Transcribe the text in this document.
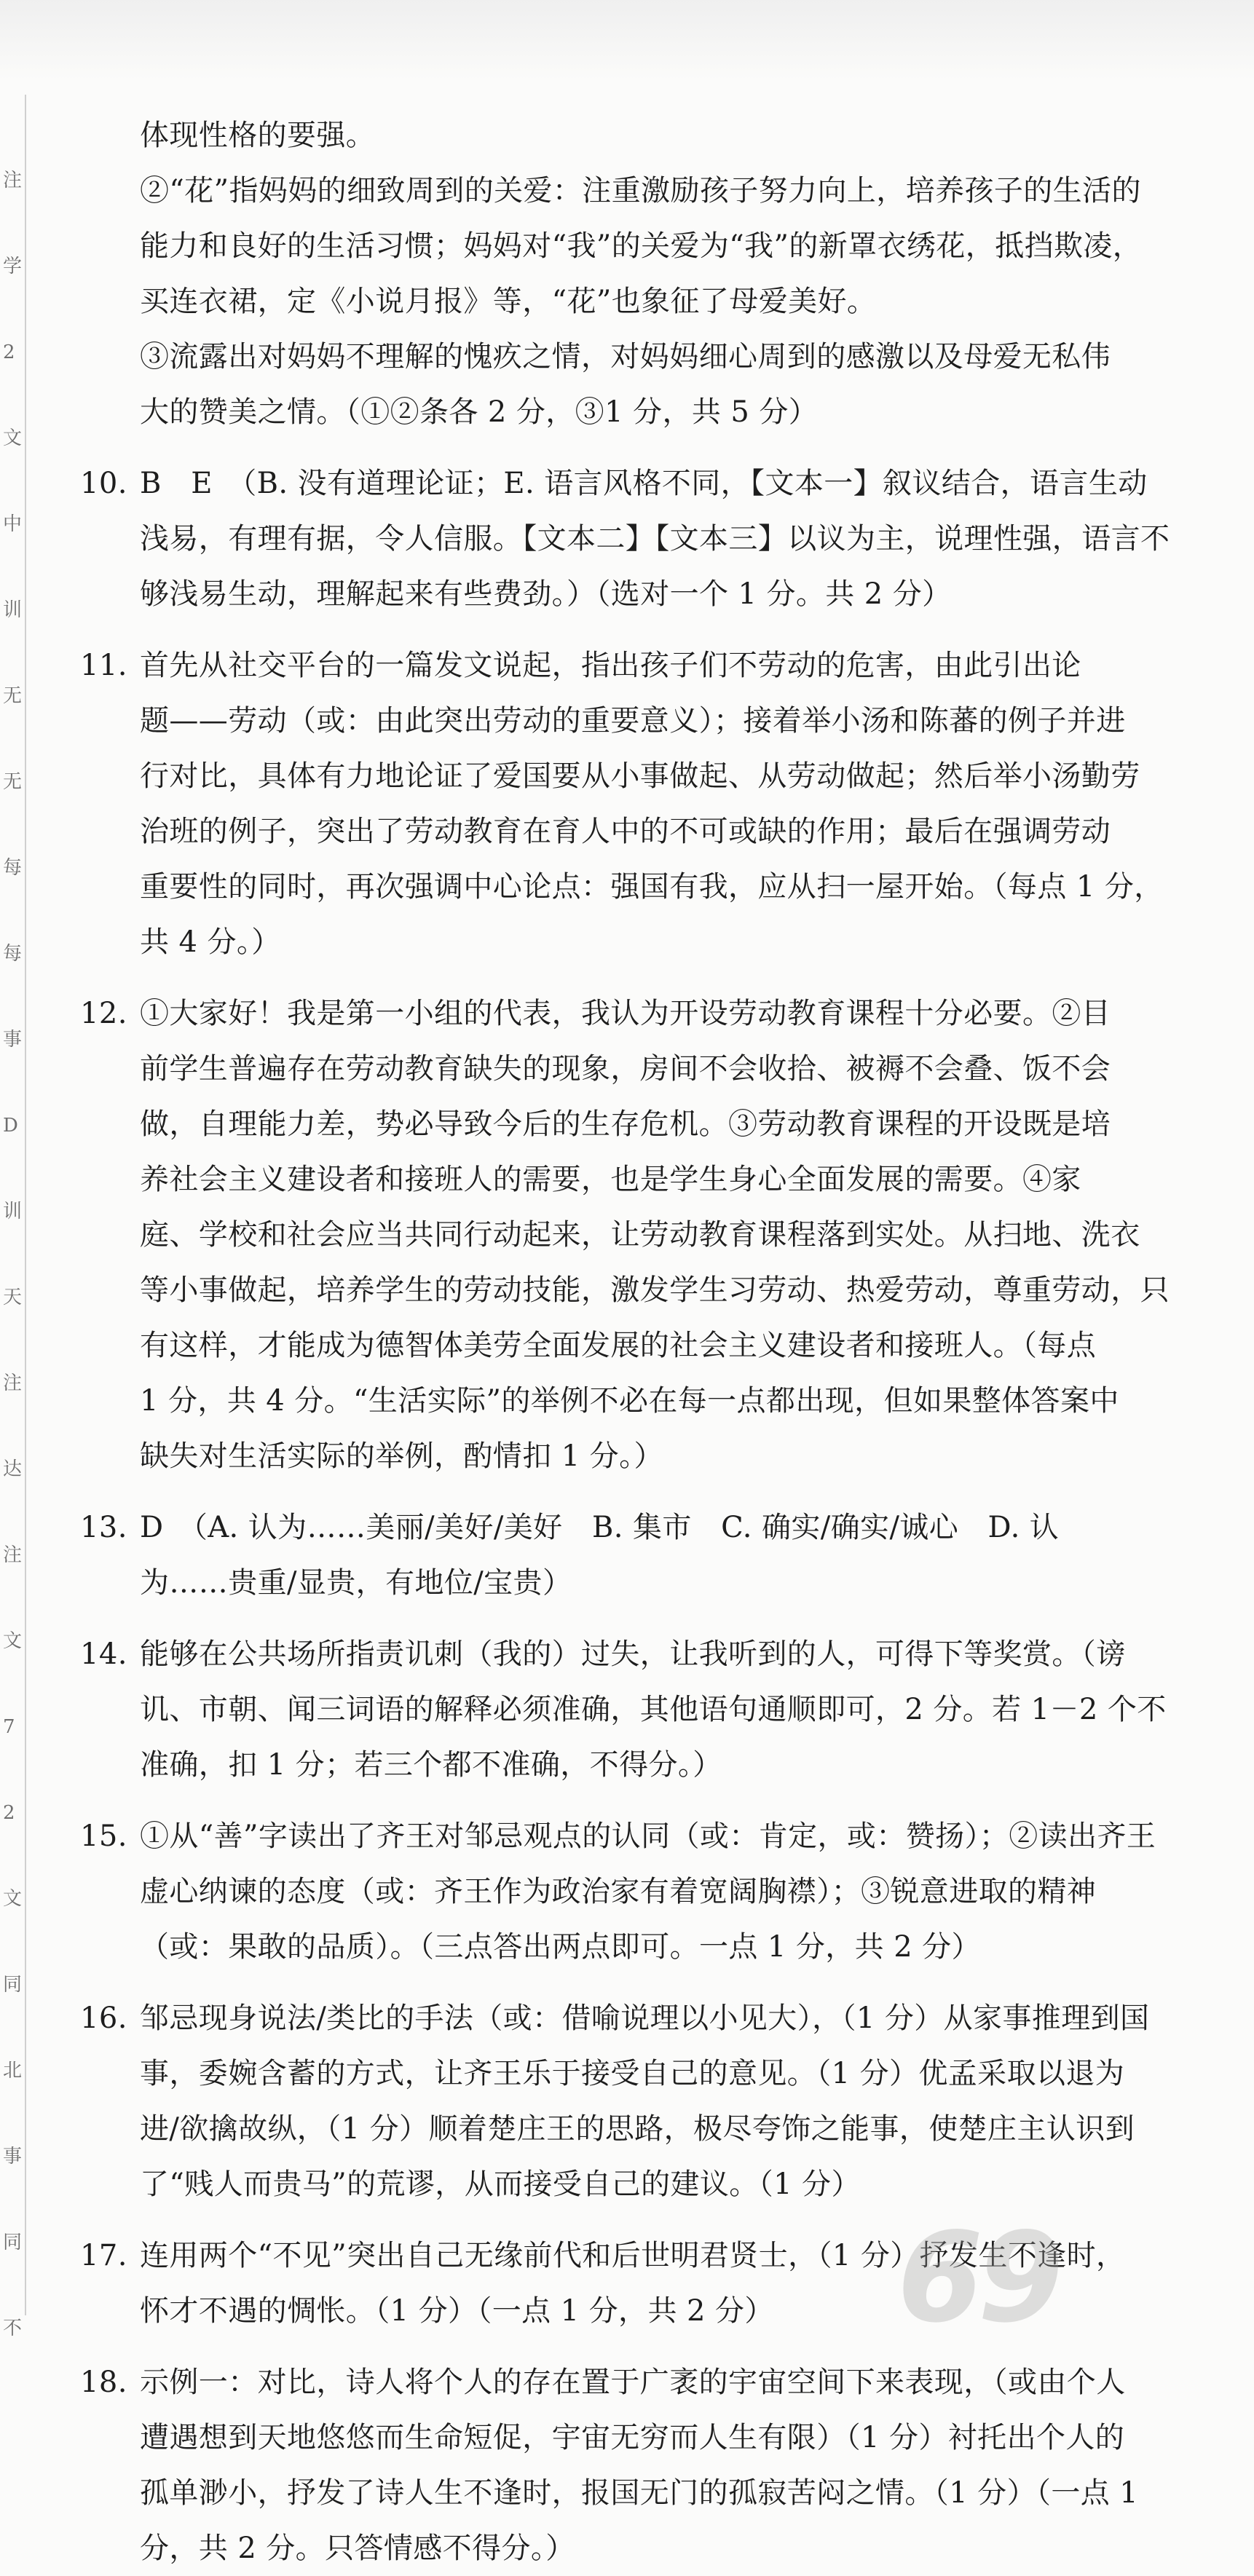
注
学
2
文
中
训
无
无
每
每
事
D
训
天
注
达
注
文
7
2
文
同
北
事
同
不
体现性格的要强。
②“花”指妈妈的细致周到的关爱：注重激励孩子努力向上，培养孩子的生活的
能力和良好的生活习惯；妈妈对“我”的关爱为“我”的新罩衣绣花，抵挡欺凌，
买连衣裙，定《小说月报》等，“花”也象征了母爱美好。
③流露出对妈妈不理解的愧疚之情，对妈妈细心周到的感激以及母爱无私伟
大的赞美之情。（①②条各 2 分，③1 分，共 5 分）
10. B　E　（B. 没有道理论证；E. 语言风格不同，【文本一】叙议结合，语言生动
浅易，有理有据，令人信服。【文本二】【文本三】以议为主，说理性强，语言不
够浅易生动，理解起来有些费劲。）（选对一个 1 分。共 2 分）
11. 首先从社交平台的一篇发文说起，指出孩子们不劳动的危害，由此引出论
题——劳动（或：由此突出劳动的重要意义）；接着举小汤和陈蕃的例子并进
行对比，具体有力地论证了爱国要从小事做起、从劳动做起；然后举小汤勤劳
治班的例子，突出了劳动教育在育人中的不可或缺的作用；最后在强调劳动
重要性的同时，再次强调中心论点：强国有我，应从扫一屋开始。（每点 1 分，
共 4 分。）
12. ①大家好！我是第一小组的代表，我认为开设劳动教育课程十分必要。②目
前学生普遍存在劳动教育缺失的现象，房间不会收拾、被褥不会叠、饭不会
做，自理能力差，势必导致今后的生存危机。③劳动教育课程的开设既是培
养社会主义建设者和接班人的需要，也是学生身心全面发展的需要。④家
庭、学校和社会应当共同行动起来，让劳动教育课程落到实处。从扫地、洗衣
等小事做起，培养学生的劳动技能，激发学生习劳动、热爱劳动，尊重劳动，只
有这样，才能成为德智体美劳全面发展的社会主义建设者和接班人。（每点
1 分，共 4 分。“生活实际”的举例不必在每一点都出现，但如果整体答案中
缺失对生活实际的举例，酌情扣 1 分。）
13. D　（A. 认为……美丽/美好/美好　B. 集市　C. 确实/确实/诚心　D. 认
为……贵重/显贵，有地位/宝贵）
14. 能够在公共场所指责讥刺（我的）过失，让我听到的人，可得下等奖赏。（谤
讥、市朝、闻三词语的解释必须准确，其他语句通顺即可，2 分。若 1－2 个不
准确，扣 1 分；若三个都不准确，不得分。）
15. ①从“善”字读出了齐王对邹忌观点的认同（或：肯定，或：赞扬）；②读出齐王
虚心纳谏的态度（或：齐王作为政治家有着宽阔胸襟）；③锐意进取的精神
（或：果敢的品质）。（三点答出两点即可。一点 1 分，共 2 分）
16. 邹忌现身说法/类比的手法（或：借喻说理以小见大），（1 分）从家事推理到国
事，委婉含蓄的方式，让齐王乐于接受自己的意见。（1 分）优孟采取以退为
进/欲擒故纵，（1 分）顺着楚庄王的思路，极尽夸饰之能事，使楚庄主认识到
了“贱人而贵马”的荒谬，从而接受自己的建议。（1 分）
17. 连用两个“不见”突出自己无缘前代和后世明君贤士，（1 分）抒发生不逢时，
怀才不遇的惆怅。（1 分）（一点 1 分，共 2 分）
18. 示例一：对比，诗人将个人的存在置于广袤的宇宙空间下来表现，（或由个人
遭遇想到天地悠悠而生命短促，宇宙无穷而人生有限）（1 分）衬托出个人的
孤单渺小，抒发了诗人生不逢时，报国无门的孤寂苦闷之情。（1 分）（一点 1
分，共 2 分。只答情感不得分。）
69
